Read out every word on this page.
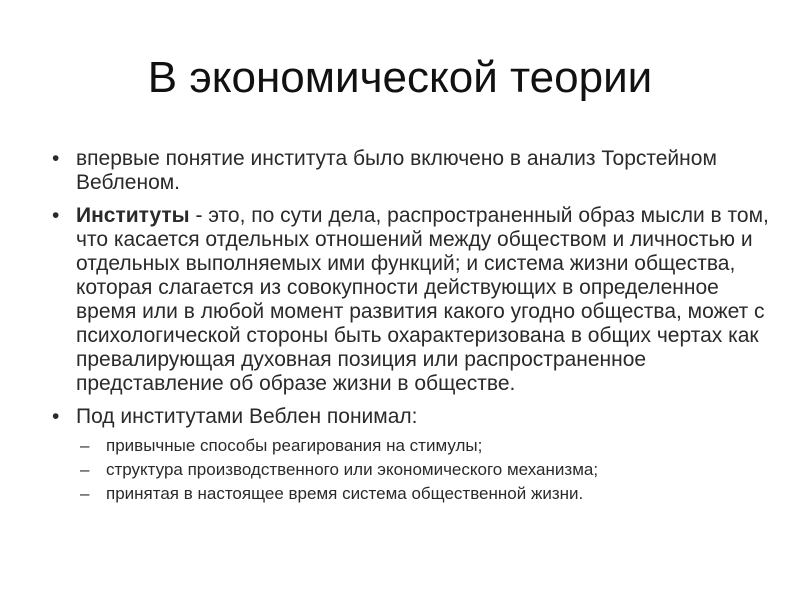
В экономической теории
• впервые понятие института было включено в анализ Торстейном Вебленом.
• Институты - это, по сути дела, распространенный образ мысли в том, что касается отдельных отношений между обществом и личностью и отдельных выполняемых ими функций; и система жизни общества, которая слагается из совокупности действующих в определенное время или в любой момент развития какого угодно общества, может с психологической стороны быть охарактеризована в общих чертах как превалирующая духовная позиция или распространенное представление об образе жизни в обществе.
• Под институтами Веблен понимал:
– привычные способы реагирования на стимулы;
– структура производственного или экономического механизма;
– принятая в настоящее время система общественной жизни.
